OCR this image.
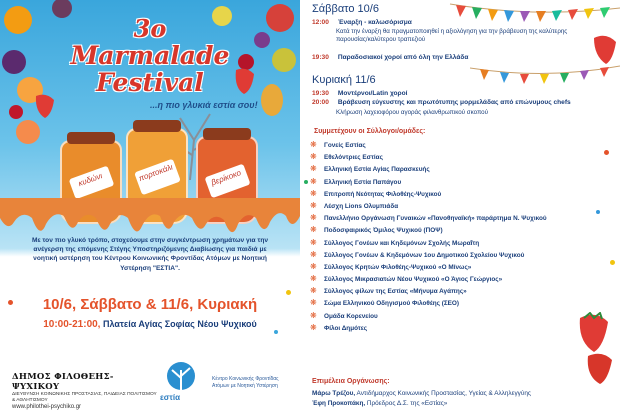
3ο
Marmalade
Festival
...η πιο γλυκιά εστία σου!
κυδώνι	πορτοκάλι	βερίκοκο
Με τον πιο γλυκό τρόπο, στοχεύουμε στην συγκέντρωση χρημάτων για την ανέγερση της επόμενης Στέγης Υποστηριζόμενης Διαβίωσης για παιδιά με νοητική υστέρηση του Κέντρου Κοινωνικής Φροντίδας Ατόμων με Νοητική Υστέρηση "ΕΣΤΙΑ".
10/6, Σάββατο & 11/6, Κυριακή
10:00-21:00, Πλατεία Αγίας Σοφίας Νέου Ψυχικού
ΔΗΜΟΣ ΦΙΛΟΘΕΗΣ-ΨΥΧΙΚΟΥ
ΔΙΕΥΘΥΝΣΗ ΚΟΙΝΩΝΙΚΗΣ ΠΡΟΣΤΑΣΙΑΣ, ΠΑΙΔΕΙΑΣ ΠΟΛΙΤΙΣΜΟΥ & ΑΘΛΗΤΙΣΜΟΥ
www.philothei-psychiko.gr
εστία
Κέντρο Κοινωνικής Φροντίδας Ατόμων με Νοητική Υστέρηση
Σάββατο 10/6
12:00 Έναρξη - καλωσόρισμα
Κατά την έναρξη θα πραγματοποιηθεί η αξιολόγηση για την βράβευση της καλύτερης παρουσίας/καλύτερου τραπεζιού
19:30 Παραδοσιακοί χοροί από όλη την Ελλάδα
Κυριακή 11/6
19:30 Μοντέρνοι/Latin χοροί
20:00 Βράβευση εύγευστης και πρωτότυπης μορμελάδας από επώνυμους chefs
Κλήρωση λαχειοφόρου αγοράς φιλανθρωπικού σκοπού
Συμμετέχουν οι Σύλλογοι/ομάδες:
❋ Γονείς Εστίας
❋ Εθελόντριες Εστίας
❋ Ελληνική Εστία Αγίας Παρασκευής
❋ Ελληνική Εστία Παπάγου
❋ Επιτροπή Νεότητας Φιλοθέης-Ψυχικού
❋ Λέσχη Lions Ολυμπιάδα
❋ Πανελλήνιο Οργάνωση Γυναικών «Πανοθηναϊκή» παράρτημα Ν. Ψυχικού
❋ Ποδοσφαιρικός Όμιλος Ψυχικού (ΠΟΨ)
❋ Σύλλογος Γονέων και Κηδεμόνων Σχολής Μωραΐτη
❋ Σύλλογος Γονέων & Κηδεμόνων 1ου Δημοτικού Σχολείου Ψυχικού
❋ Σύλλογος Κρητών Φιλοθέης-Ψυχικού «Ο Μίνως»
❋ Σύλλογος Μικρασιατών Νέου Ψυχικού «Ο Άγιος Γεώργιος»
❋ Σύλλογος φίλων της Εστίας «Μήνυμα Αγάπης»
❋ Σώμα Ελληνικού Οδηγισμού Φιλοθέης (ΣΕΟ)
❋ Ομάδα Κορενείου
❋ Φίλοι Δημότες
Επιμέλεια Οργάνωσης:
Μάρω Τρέζου, Αντιδήμαρχος Κοινωνικής Προστασίας, Υγείας & Αλληλεγγύης
Έφη Προκοπάκη, Πρόεδρος Δ.Σ. της «Εστίας»
